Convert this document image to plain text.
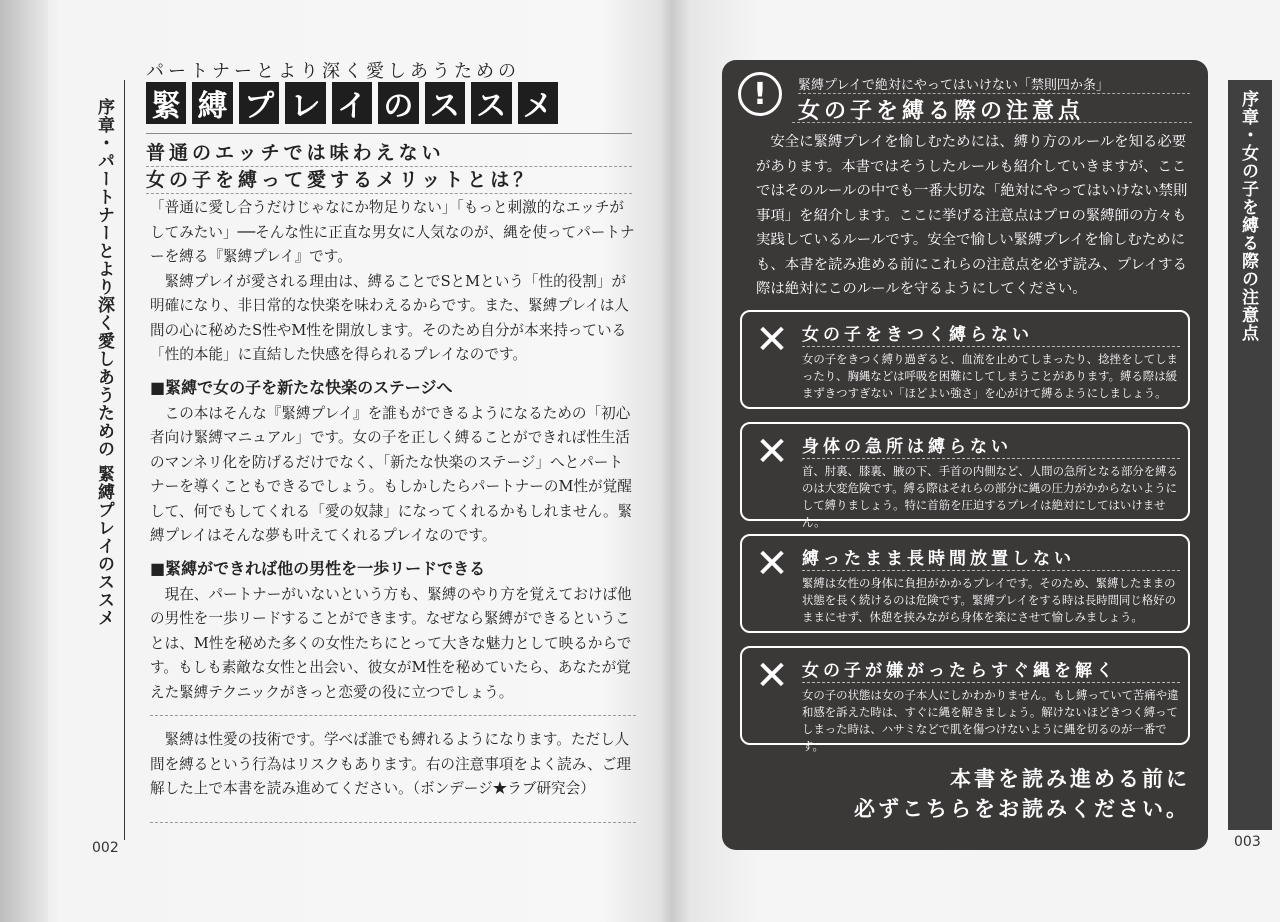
序章・パートナーとより深く愛しあうための 緊縛プレイのススメ
002
パートナーとより深く愛しあうための
緊 縛 プ レ イ の ス ス メ
普通のエッチでは味わえない
女の子を縛って愛するメリットとは？

「普通に愛し合うだけじゃなにか物足りない」「もっと刺激的なエッチがしてみたい」──そんな性に正直な男女に人気なのが、縄を使ってパートナーを縛る『緊縛プレイ』です。

緊縛プレイが愛される理由は、縛ることでSとMという「性的役割」が明確になり、非日常的な快楽を味わえるからです。また、緊縛プレイは人間の心に秘めたS性やM性を開放します。そのため自分が本来持っている「性的本能」に直結した快感を得られるプレイなのです。

■緊縛で女の子を新たな快楽のステージへ

この本はそんな『緊縛プレイ』を誰もができるようになるための「初心者向け緊縛マニュアル」です。女の子を正しく縛ることができれば性生活のマンネリ化を防げるだけでなく、「新たな快楽のステージ」へとパートナーを導くこともできるでしょう。もしかしたらパートナーのM性が覚醒して、何でもしてくれる「愛の奴隷」になってくれるかもしれません。緊縛プレイはそんな夢も叶えてくれるプレイなのです。

■緊縛ができれば他の男性を一歩リードできる

現在、パートナーがいないという方も、緊縛のやり方を覚えておけば他の男性を一歩リードすることができます。なぜなら緊縛ができるということは、M性を秘めた多くの女性たちにとって大きな魅力として映るからです。もしも素敵な女性と出会い、彼女がM性を秘めていたら、あなたが覚えた緊縛テクニックがきっと恋愛の役に立つでしょう。

緊縛は性愛の技術です。学べば誰でも縛れるようになります。ただし人間を縛るという行為はリスクもあります。右の注意事項をよく読み、ご理解した上で本書を読み進めてください。（ボンデージ★ラブ研究会）

序章・女の子を縛る際の注意点
003
!	緊縛プレイで絶対にやってはいけない「禁則四か条」
女の子を縛る際の注意点

安全に緊縛プレイを愉しむためには、縛り方のルールを知る必要があります。本書ではそうしたルールも紹介していきますが、ここではそのルールの中でも一番大切な「絶対にやってはいけない禁則事項」を紹介します。ここに挙げる注意点はプロの緊縛師の方々も実践しているルールです。安全で愉しい緊縛プレイを愉しむためにも、本書を読み進める前にこれらの注意点を必ず読み、プレイする際は絶対にこのルールを守るようにしてください。

✕ 女の子をきつく縛らない
女の子をきつく縛り過ぎると、血流を止めてしまったり、捻挫をしてしまったり、胸縄などは呼吸を困難にしてしまうことがあります。縛る際は緩まずきつすぎない「ほどよい強さ」を心がけて縛るようにしましょう。
✕ 身体の急所は縛らない
首、肘裏、膝裏、腋の下、手首の内側など、人間の急所となる部分を縛るのは大変危険です。縛る際はそれらの部分に縄の圧力がかからないようにして縛りましょう。特に首筋を圧迫するプレイは絶対にしてはいけません。
✕ 縛ったまま長時間放置しない
緊縛は女性の身体に負担がかかるプレイです。そのため、緊縛したままの状態を長く続けるのは危険です。緊縛プレイをする時は長時間同じ格好のままにせず、休憩を挟みながら身体を楽にさせて愉しみましょう。
✕ 女の子が嫌がったらすぐ縄を解く
女の子の状態は女の子本人にしかわかりません。もし縛っていて苦痛や違和感を訴えた時は、すぐに縄を解きましょう。解けないほどきつく縛ってしまった時は、ハサミなどで肌を傷つけないように縄を切るのが一番です。
本書を読み進める前に
必ずこちらをお読みください。
